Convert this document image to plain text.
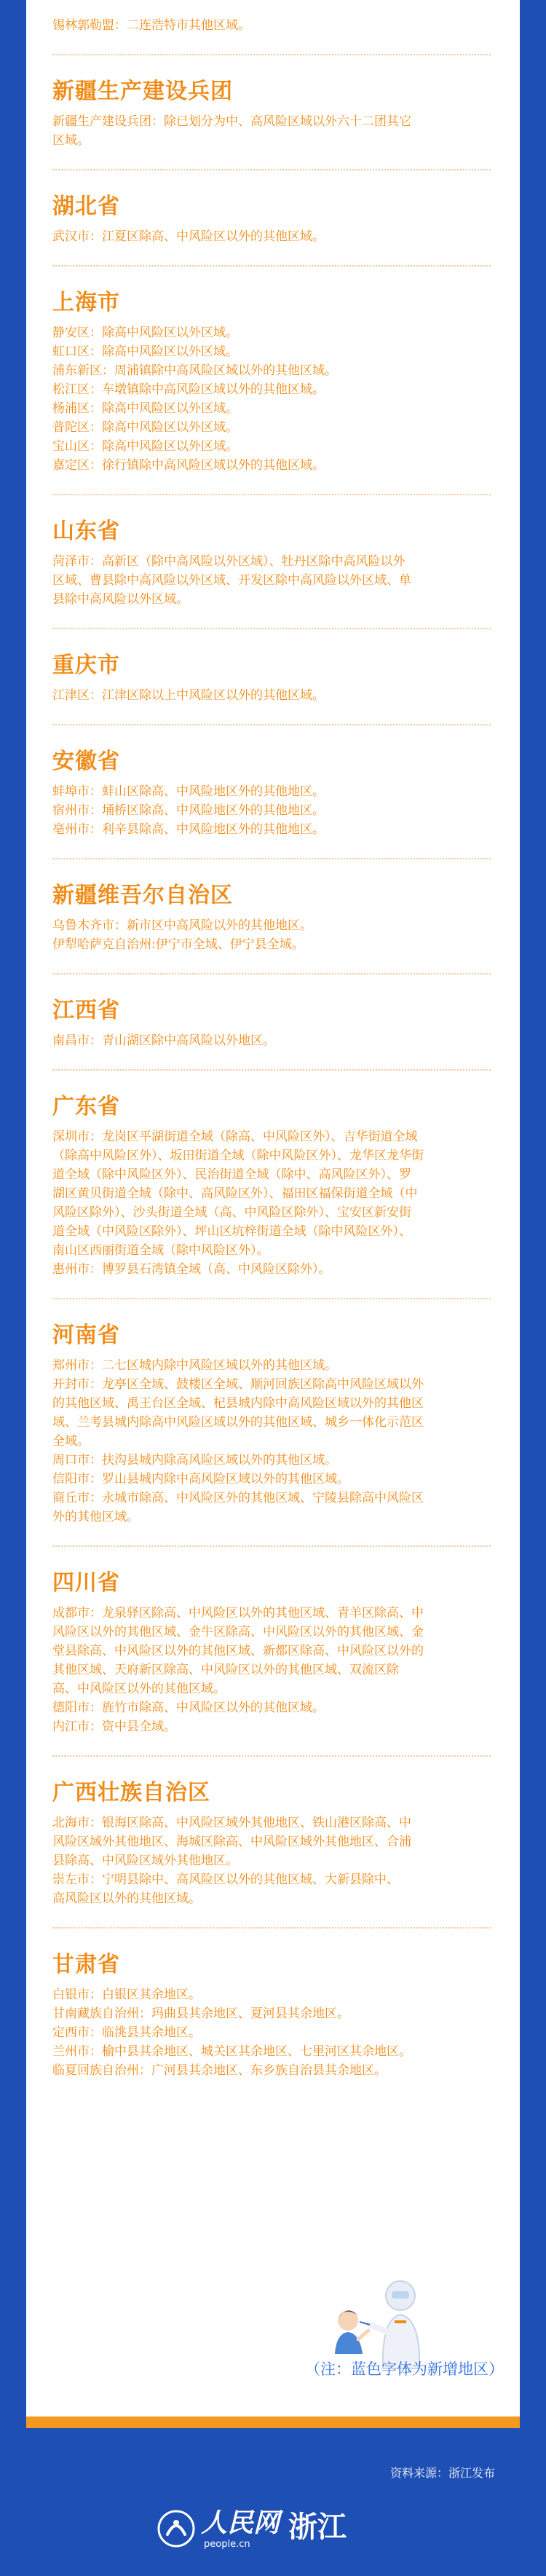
锡林郭勒盟：二连浩特市其他区域。
新疆生产建设兵团
新疆生产建设兵团：除已划分为中、高风险区域以外六十二团其它
区域。
湖北省
武汉市：江夏区除高、中风险区以外的其他区域。
上海市
静安区：除高中风险区以外区域。
虹口区：除高中风险区以外区域。
浦东新区：周浦镇除中高风险区域以外的其他区域。
松江区：车墩镇除中高风险区域以外的其他区域。
杨浦区：除高中风险区以外区域。
普陀区：除高中风险区以外区域。
宝山区：除高中风险区以外区域。
嘉定区：徐行镇除中高风险区域以外的其他区域。
山东省
菏泽市：高新区（除中高风险以外区域）、牡丹区除中高风险以外
区域、曹县除中高风险以外区域、开发区除中高风险以外区域、单
县除中高风险以外区域。
重庆市
江津区：江津区除以上中风险区以外的其他区域。
安徽省
蚌埠市：蚌山区除高、中风险地区外的其他地区。
宿州市：埇桥区除高、中风险地区外的其他地区。
亳州市：利辛县除高、中风险地区外的其他地区。
新疆维吾尔自治区
乌鲁木齐市：新市区中高风险以外的其他地区。
伊犁哈萨克自治州:伊宁市全域、伊宁县全域。
江西省
南昌市：青山湖区除中高风险以外地区。
广东省
深圳市：龙岗区平湖街道全域（除高、中风险区外）、吉华街道全域
（除高中风险区外）、坂田街道全域（除中风险区外）、龙华区龙华街
道全域（除中风险区外）、民治街道全域（除中、高风险区外）、罗
湖区黄贝街道全域（除中、高风险区外）、福田区福保街道全域（中
风险区除外）、沙头街道全域（高、中风险区除外）、宝安区新安街
道全域（中风险区除外）、坪山区坑梓街道全域（除中风险区外）、
南山区西丽街道全域（除中风险区外）。
惠州市：博罗县石湾镇全域（高、中风险区除外）。
河南省
郑州市：二七区城内除中风险区域以外的其他区域。
开封市：龙亭区全域、鼓楼区全域、顺河回族区除高中风险区域以外
的其他区域、禹王台区全域、杞县城内除中高风险区域以外的其他区
域、兰考县城内除高中风险区域以外的其他区域、城乡一体化示范区
全域。
周口市：扶沟县城内除高风险区域以外的其他区域。
信阳市：罗山县城内除中高风险区域以外的其他区域。
商丘市：永城市除高、中风险区外的其他区域、宁陵县除高中风险区
外的其他区域。
四川省
成都市：龙泉驿区除高、中风险区以外的其他区域、青羊区除高、中
风险区以外的其他区域、金牛区除高、中风险区以外的其他区域、金
堂县除高、中风险区以外的其他区域、新都区除高、中风险区以外的
其他区域、天府新区除高、中风险区以外的其他区域、双流区除
高、中风险区以外的其他区域。
德阳市：旌竹市除高、中风险区以外的其他区域。
内江市：资中县全域。
广西壮族自治区
北海市：银海区除高、中风险区域外其他地区、铁山港区除高、中
风险区域外其他地区、海城区除高、中风险区域外其他地区、合浦
县除高、中风险区域外其他地区。
崇左市：宁明县除中、高风险区以外的其他区域、大新县除中、
高风险区以外的其他区域。
甘肃省
白银市：白银区其余地区。
甘南藏族自治州：玛曲县其余地区、夏河县其余地区。
定西市：临洮县其余地区。
兰州市：榆中县其余地区、城关区其余地区、七里河区其余地区。
临夏回族自治州：广河县其余地区、东乡族自治县其余地区。
（注：蓝色字体为新增地区）
资料来源：浙江发布
人民网
people.cn
浙江
